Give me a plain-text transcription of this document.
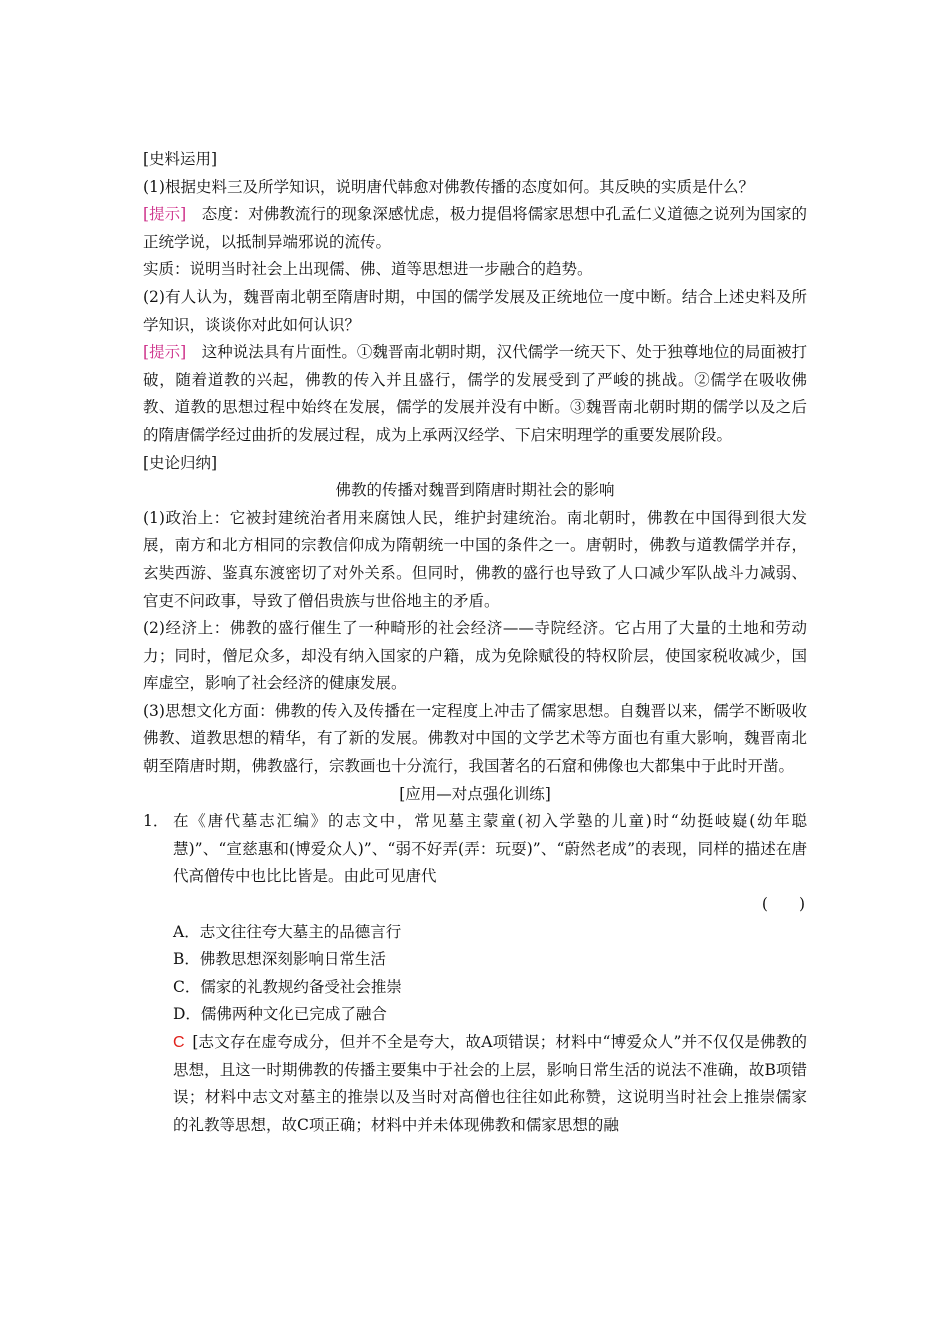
[史料运用]

(1)根据史料三及所学知识，说明唐代韩愈对佛教传播的态度如何。其反映的实质是什么？

[提示]　 态度：对佛教流行的现象深感忧虑，极力提倡将儒家思想中孔孟仁义道德之说列为国家的正统学说，以抵制异端邪说的流传。

实质：说明当时社会上出现儒、佛、道等思想进一步融合的趋势。

(2)有人认为，魏晋南北朝至隋唐时期，中国的儒学发展及正统地位一度中断。结合上述史料及所学知识，谈谈你对此如何认识？

[提示]　 这种说法具有片面性。①魏晋南北朝时期，汉代儒学一统天下、处于独尊地位的局面被打破，随着道教的兴起，佛教的传入并且盛行，儒学的发展受到了严峻的挑战。②儒学在吸收佛教、道教的思想过程中始终在发展，儒学的发展并没有中断。③魏晋南北朝时期的儒学以及之后的隋唐儒学经过曲折的发展过程，成为上承两汉经学、下启宋明理学的重要发展阶段。

[史论归纳]

佛教的传播对魏晋到隋唐时期社会的影响

(1)政治上：它被封建统治者用来腐蚀人民，维护封建统治。南北朝时，佛教在中国得到很大发展，南方和北方相同的宗教信仰成为隋朝统一中国的条件之一。唐朝时，佛教与道教儒学并存，玄奘西游、鉴真东渡密切了对外关系。但同时，佛教的盛行也导致了人口减少军队战斗力减弱、官吏不问政事，导致了僧侣贵族与世俗地主的矛盾。

(2)经济上：佛教的盛行催生了一种畸形的社会经济——寺院经济。它占用了大量的土地和劳动力；同时，僧尼众多，却没有纳入国家的户籍，成为免除赋役的特权阶层，使国家税收减少，国库虚空，影响了社会经济的健康发展。

(3)思想文化方面：佛教的传入及传播在一定程度上冲击了儒家思想。自魏晋以来，儒学不断吸收佛教、道教思想的精华，有了新的发展。佛教对中国的文学艺术等方面也有重大影响，魏晋南北朝至隋唐时期，佛教盛行，宗教画也十分流行，我国著名的石窟和佛像也大都集中于此时开凿。

[应用—对点强化训练]

1． 在《唐代墓志汇编》的志文中，常见墓主蒙童(初入学塾的儿童)时“幼挺岐嶷(幼年聪慧)”、“宣慈惠和(博爱众人)”、“弱不好弄(弄：玩耍)”、“蔚然老成”的表现，同样的描述在唐代高僧传中也比比皆是。由此可见唐代

(　　)

A．志文往往夸大墓主的品德言行

B．佛教思想深刻影响日常生活

C．儒家的礼教规约备受社会推崇

D．儒佛两种文化已完成了融合

C  [志文存在虚夸成分，但并不全是夸大，故A项错误；材料中“博爱众人”并不仅仅是佛教的思想，且这一时期佛教的传播主要集中于社会的上层，影响日常生活的说法不准确，故B项错误；材料中志文对墓主的推崇以及当时对高僧也往往如此称赞，这说明当时社会上推崇儒家的礼教等思想，故C项正确；材料中并未体现佛教和儒家思想的融
